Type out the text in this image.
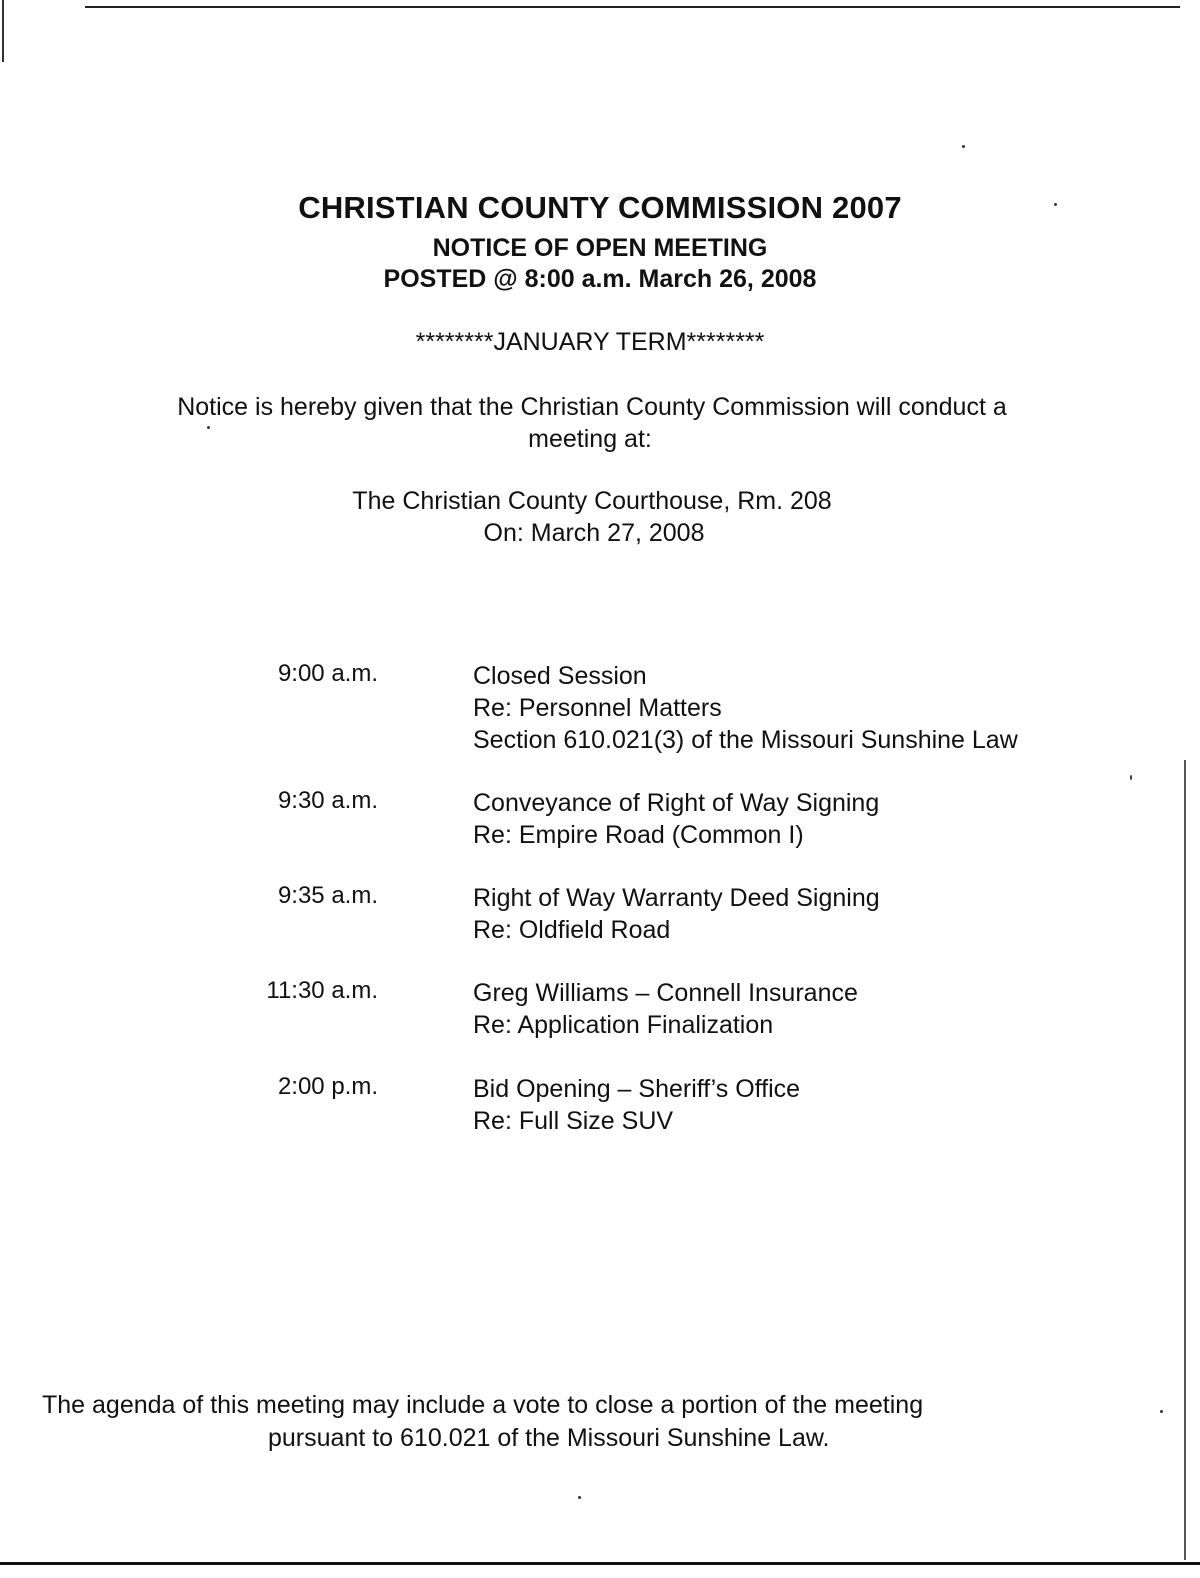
CHRISTIAN COUNTY COMMISSION 2007
NOTICE OF OPEN MEETING
POSTED @ 8:00 a.m. March 26, 2008
********JANUARY TERM********
Notice is hereby given that the Christian County Commission will conduct a
meeting at:
The Christian County Courthouse, Rm. 208
On: March 27, 2008
9:00 a.m.	Closed Session
Re: Personnel Matters
Section 610.021(3) of the Missouri Sunshine Law
9:30 a.m.	Conveyance of Right of Way Signing
Re: Empire Road (Common I)
9:35 a.m.	Right of Way Warranty Deed Signing
Re: Oldfield Road
11:30 a.m.	Greg Williams – Connell Insurance
Re: Application Finalization
2:00 p.m.	Bid Opening – Sheriff’s Office
Re: Full Size SUV
The agenda of this meeting may include a vote to close a portion of the meeting
pursuant to 610.021 of the Missouri Sunshine Law.
